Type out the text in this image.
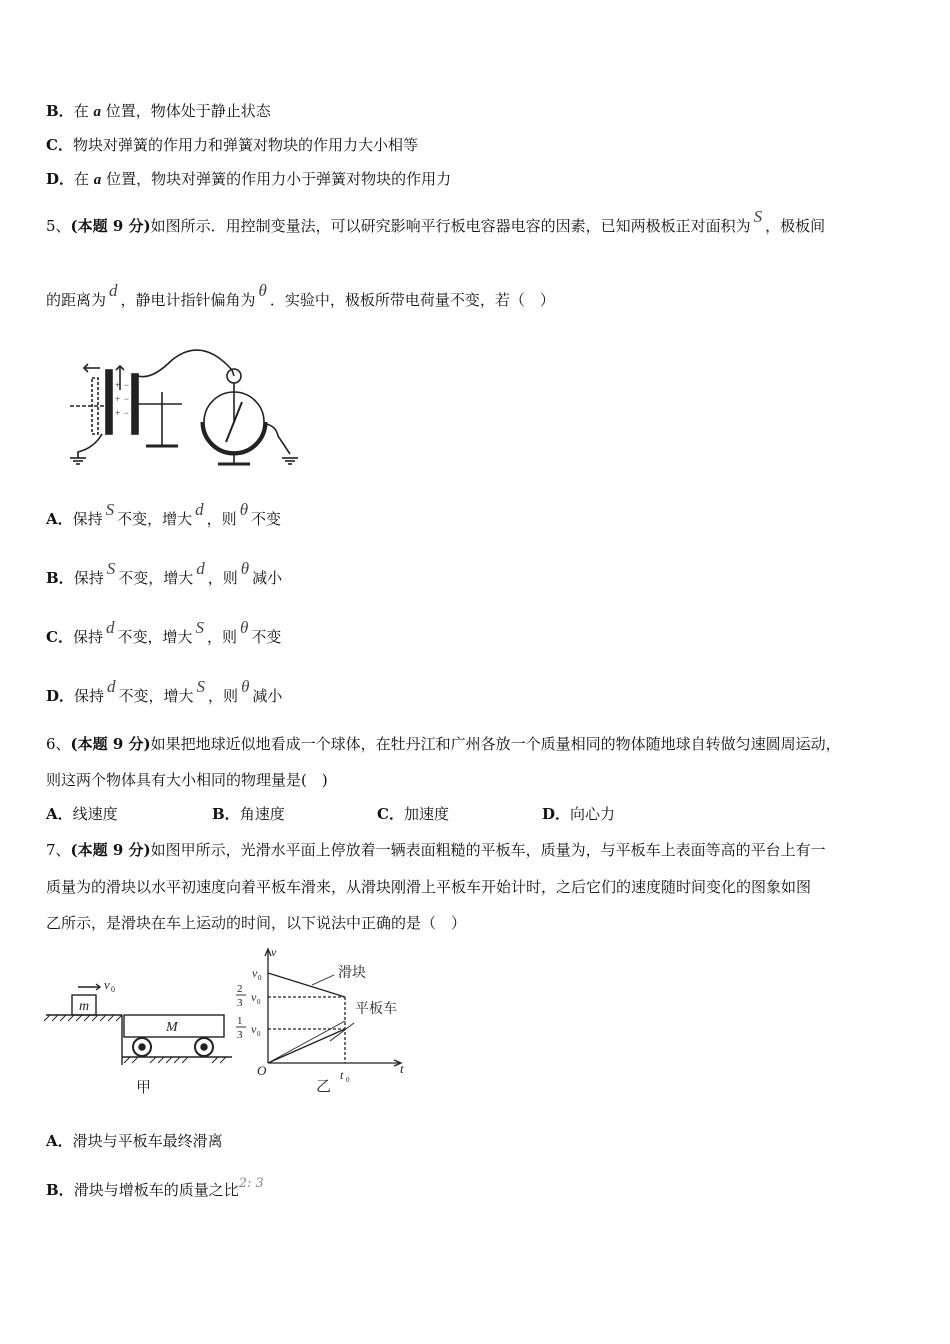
B．在 a 位置，物体处于静止状态
C．物块对弹簧的作用力和弹簧对物块的作用力大小相等
D．在 a 位置，物块对弹簧的作用力小于弹簧对物块的作用力
5、(本题 9 分)如图所示．用控制变量法，可以研究影响平行板电容器电容的因素，已知两极板正对面积为 S ，极板间
的距离为 d ，静电计指针偏角为 θ ．实验中，极板所带电荷量不变，若（　）
+
+
+
−
−
−
A．保持 S 不变，增大 d ，则 θ 不变
B．保持 S 不变，增大 d ，则 θ 减小
C．保持 d 不变，增大 S ，则 θ 不变
D．保持 d 不变，增大 S ，则 θ 减小
6、(本题 9 分)如果把地球近似地看成一个球体，在牡丹江和广州各放一个质量相同的物体随地球自转做匀速圆周运动，
则这两个物体具有大小相同的物理量是(　)
A．线速度	B．角速度	C．加速度	D．向心力
7、(本题 9 分)如图甲所示，光滑水平面上停放着一辆表面粗糙的平板车，质量为，与平板车上表面等高的平台上有一
质量为的滑块以水平初速度向着平板车滑来，从滑块刚滑上平板车开始计时，之后它们的速度随时间变化的图象如图
乙所示，是滑块在车上运动的时间，以下说法中正确的是（　）
m
v 0
M
甲
v
t
O	t 0
v 0
2
3 v 0
1
3 v 0
滑块
平板车
乙
A．滑块与平板车最终滑离
B．滑块与增板车的质量之比2: 3
